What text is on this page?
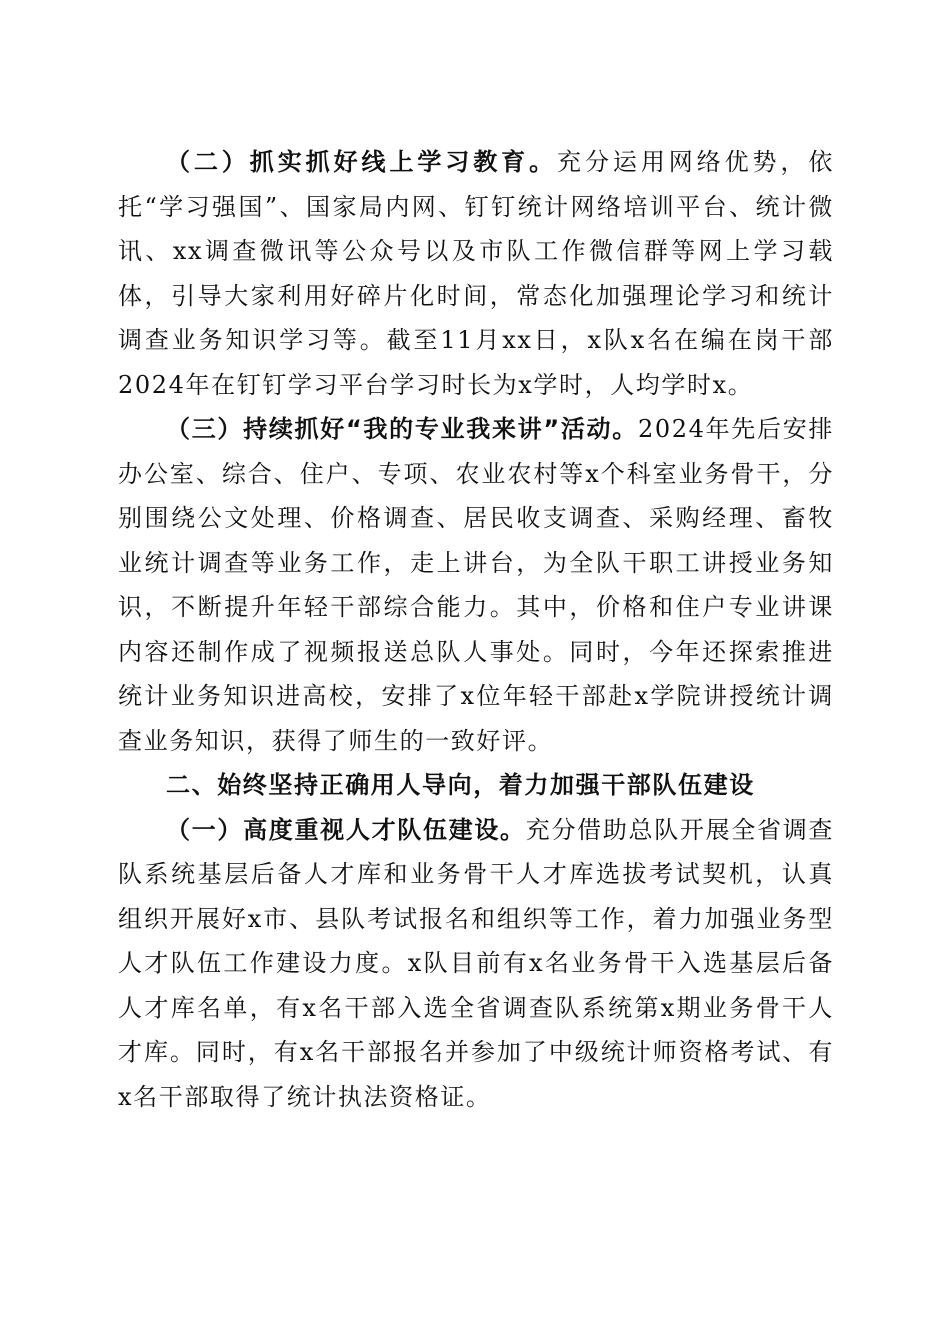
（二）抓实抓好线上学习教育。充分运用网络优势，依托“学习强国”、国家局内网、钉钉统计网络培训平台、统计微讯、xx调查微讯等公众号以及市队工作微信群等网上学习载体，引导大家利用好碎片化时间，常态化加强理论学习和统计调查业务知识学习等。截至11月xx日，x队x名在编在岗干部2024年在钉钉学习平台学习时长为x学时，人均学时x。

（三）持续抓好“我的专业我来讲”活动。2024年先后安排办公室、综合、住户、专项、农业农村等x个科室业务骨干，分别围绕公文处理、价格调查、居民收支调查、采购经理、畜牧业统计调查等业务工作，走上讲台，为全队干职工讲授业务知识，不断提升年轻干部综合能力。其中，价格和住户专业讲课内容还制作成了视频报送总队人事处。同时，今年还探索推进统计业务知识进高校，安排了x位年轻干部赴x学院讲授统计调查业务知识，获得了师生的一致好评。

二、始终坚持正确用人导向，着力加强干部队伍建设

（一）高度重视人才队伍建设。充分借助总队开展全省调查队系统基层后备人才库和业务骨干人才库选拔考试契机，认真组织开展好x市、县队考试报名和组织等工作，着力加强业务型人才队伍工作建设力度。x队目前有x名业务骨干入选基层后备人才库名单，有x名干部入选全省调查队系统第x期业务骨干人才库。同时，有x名干部报名并参加了中级统计师资格考试、有x名干部取得了统计执法资格证。
